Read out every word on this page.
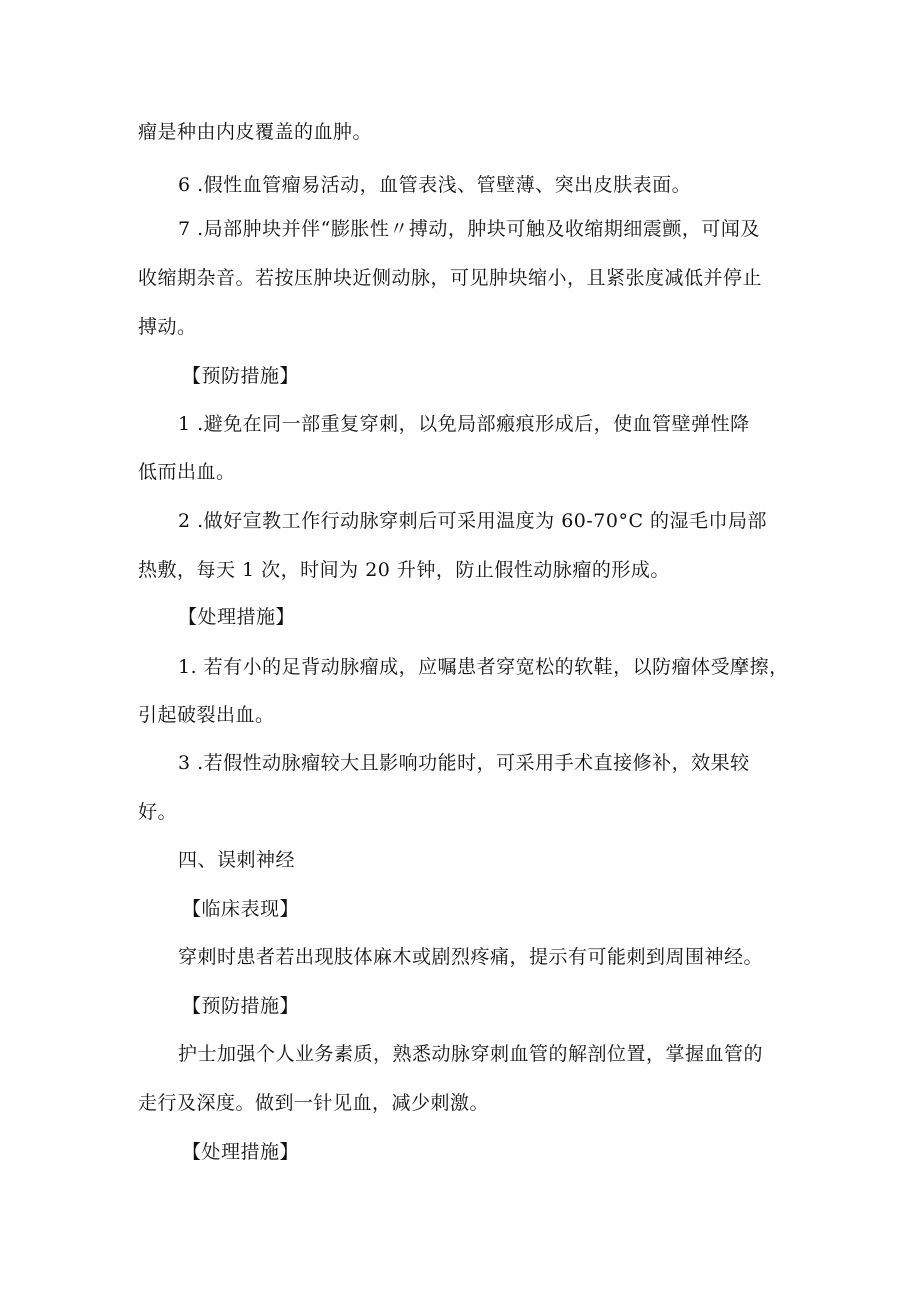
瘤是种由内皮覆盖的血肿。
6 .假性血管瘤易活动，血管表浅、管壁薄、突出皮肤表面。
7 .局部肿块并伴“膨胀性〃搏动，肿块可触及收缩期细震颤，可闻及
收缩期杂音。若按压肿块近侧动脉，可见肿块缩小，且紧张度减低并停止
搏动。
【预防措施】
1 .避免在同一部重复穿刺，以免局部瘢痕形成后，使血管壁弹性降
低而出血。
2 .做好宣教工作行动脉穿刺后可采用温度为 60-70°C 的湿毛巾局部
热敷，每天 1 次，时间为 20 升钟，防止假性动脉瘤的形成。
【处理措施】
1. 若有小的足背动脉瘤成，应嘱患者穿宽松的软鞋，以防瘤体受摩擦，
引起破裂出血。
3 .若假性动脉瘤较大且影响功能时，可采用手术直接修补，效果较
好。
四、误刺神经
【临床表现】
穿刺时患者若出现肢体麻木或剧烈疼痛，提示有可能刺到周围神经。
【预防措施】
护士加强个人业务素质，熟悉动脉穿刺血管的解剖位置，掌握血管的
走行及深度。做到一针见血，减少刺激。
【处理措施】
